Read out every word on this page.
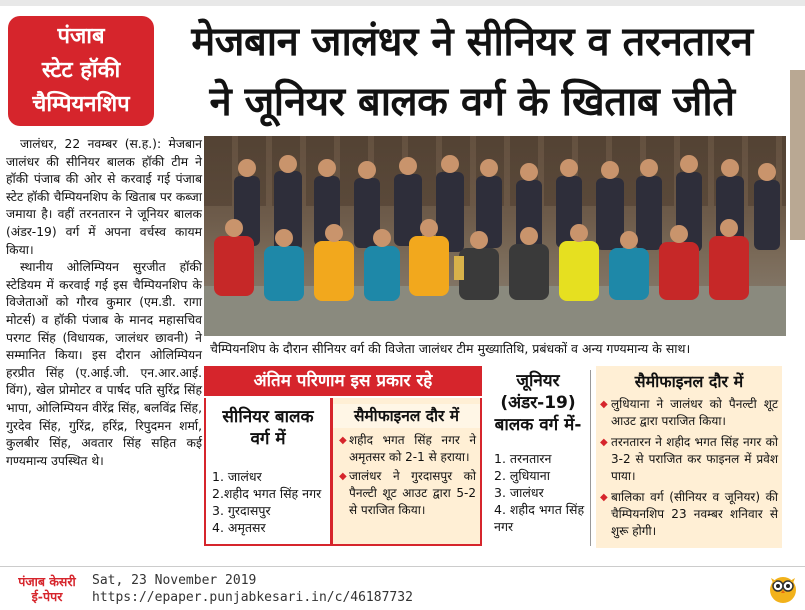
पंजाब
स्टेट हॉकी
चैम्पियनशिप
मेजबान जालंधर ने सीनियर व तरनतारन
ने जूनियर बालक वर्ग के खिताब जीते

जालंधर, 22 नवम्बर (स.ह.): मेजबान जालंधर की सीनियर बालक हॉकी टीम ने हॉकी पंजाब की ओर से करवाई गई पंजाब स्टेट हॉकी चैम्पियनशिप के खिताब पर कब्जा जमाया है। वहीं तरनतारन ने जूनियर बालक (अंडर-19) वर्ग में अपना वर्चस्व कायम किया।

स्थानीय ओलिम्पियन सुरजीत हॉकी स्टेडियम में करवाई गई इस चैम्पियनशिप के विजेताओं को गौरव कुमार (एम.डी. रागा मोटर्स) व हॉकी पंजाब के मानद महासचिव परगट सिंह (विधायक, जालंधर छावनी) ने सम्मानित किया। इस दौरान ओलिम्पियन हरप्रीत सिंह (ए.आई.जी. एन.आर.आई. विंग), खेल प्रोमोटर व पार्षद पति सुरिंद्र सिंह भापा, ओलिम्पियन वीरेंद्र सिंह, बलविंद्र सिंह, गुरदेव सिंह, गुरिंद्र, हरिंद्र, रिपुदमन शर्मा, कुलबीर सिंह, अवतार सिंह सहित कई गण्यमान्य उपस्थित थे।

चैम्पियनशिप के दौरान सीनियर वर्ग की विजेता जालंधर टीम मुख्यातिथि, प्रबंधकों व अन्य गण्यमान्य के साथ।
अंतिम परिणाम इस प्रकार रहे
सीनियर बालक
वर्ग में
1. जालंधर
2.शहीद भगत सिंह नगर
3. गुरदासपुर
4. अमृतसर
सैमीफाइनल दौर में
◆ शहीद भगत सिंह नगर ने अमृतसर को 2-1 से हराया।
◆ जालंधर ने गुरदासपुर को पैनल्टी शूट आउट द्वारा 5-2 से पराजित किया।
जूनियर
(अंडर-19)
बालक वर्ग में-
1. तरनतारन
2. लुधियाना
3. जालंधर
4. शहीद भगत सिंह नगर
सैमीफाइनल दौर में
◆ लुधियाना ने जालंधर को पैनल्टी शूट आउट द्वारा पराजित किया।
◆ तरनतारन ने शहीद भगत सिंह नगर को 3-2 से पराजित कर फाइनल में प्रवेश पाया।
◆ बालिका वर्ग (सीनियर व जूनियर) की चैम्पियनशिप 23 नवम्बर शनिवार से शुरू होगी।
पंजाब केसरी
ई-पेपर
Sat, 23 November 2019
https://epaper.punjabkesari.in/c/46187732
